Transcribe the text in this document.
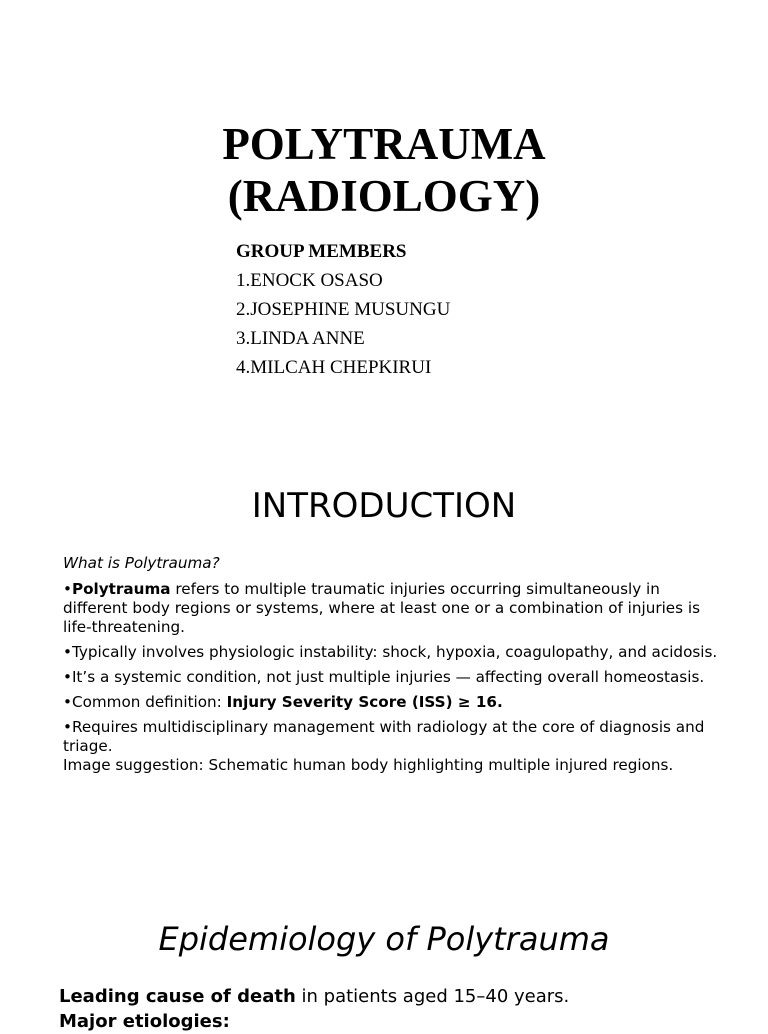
POLYTRAUMA
(RADIOLOGY)
GROUP MEMBERS
1.ENOCK OSASO
2.JOSEPHINE MUSUNGU
3.LINDA ANNE
4.MILCAH CHEPKIRUI
INTRODUCTION
What is Polytrauma?
•Polytrauma refers to multiple traumatic injuries occurring simultaneously in different body regions or systems, where at least one or a combination of injuries is life-threatening.
•Typically involves physiologic instability: shock, hypoxia, coagulopathy, and acidosis.
•It’s a systemic condition, not just multiple injuries — affecting overall homeostasis.
•Common definition: Injury Severity Score (ISS) ≥ 16.
•Requires multidisciplinary management with radiology at the core of diagnosis and triage.
Image suggestion: Schematic human body highlighting multiple injured regions.
Epidemiology of Polytrauma
Leading cause of death in patients aged 15–40 years.
Major etiologies:
